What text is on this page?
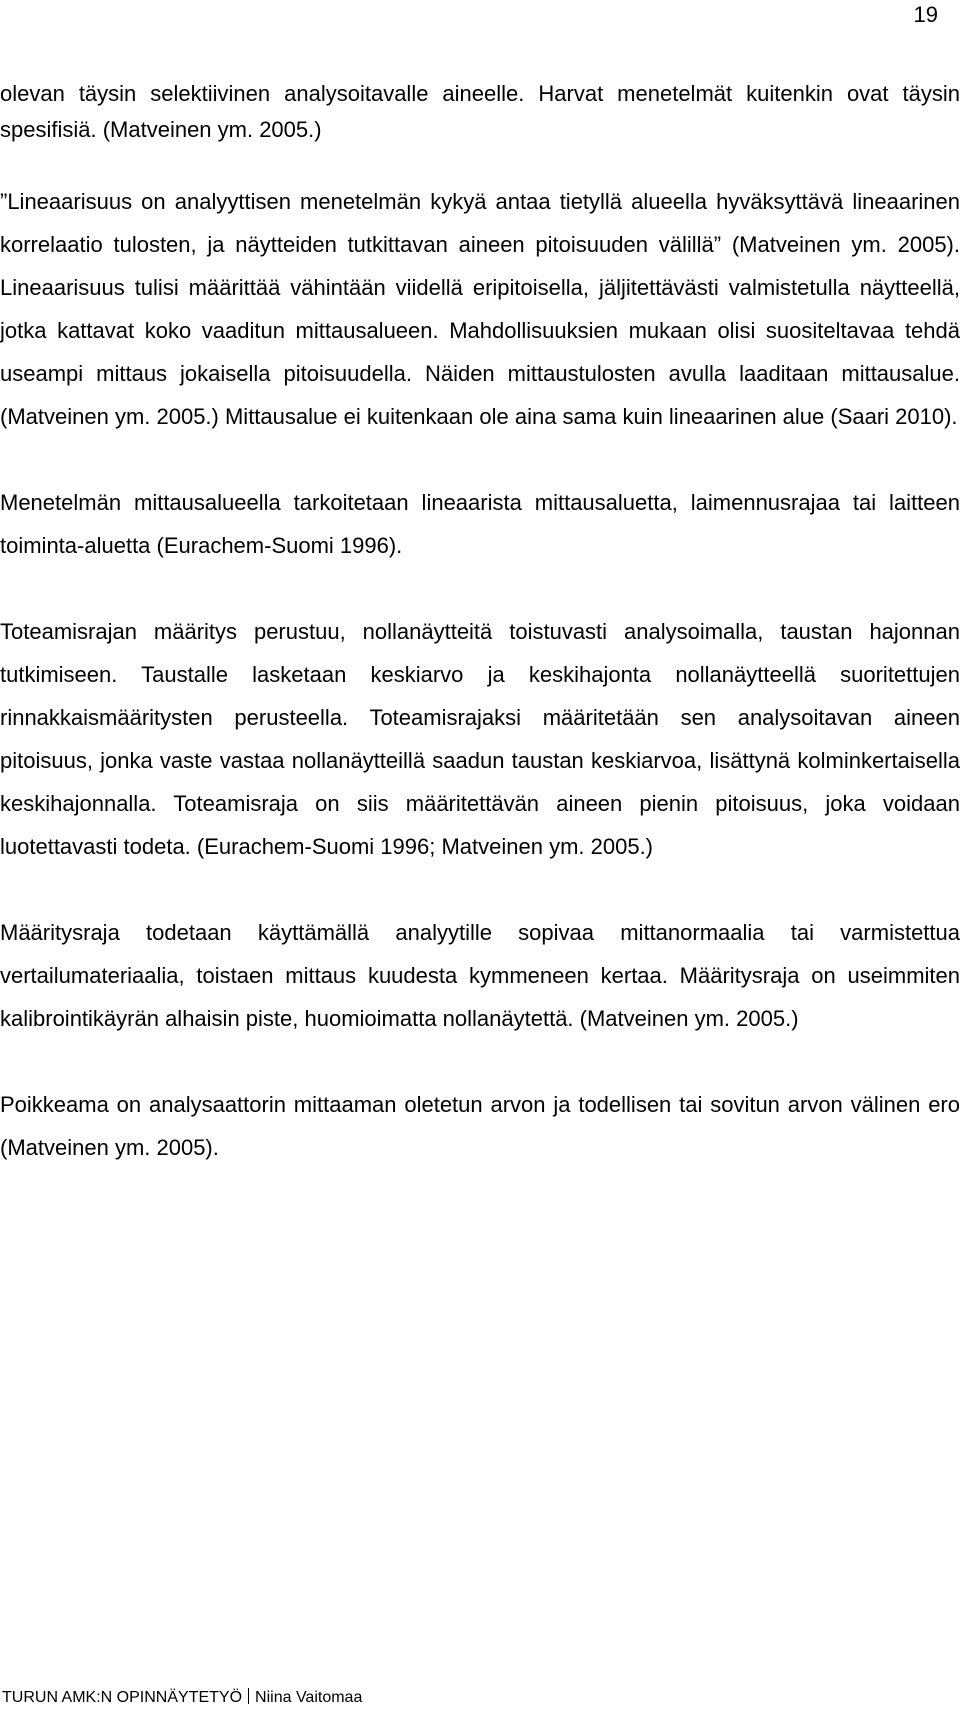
19

olevan täysin selektiivinen analysoitavalle aineelle. Harvat menetelmät kuitenkin ovat täysin spesifisiä. (Matveinen ym. 2005.)

”Lineaarisuus on analyyttisen menetelmän kykyä antaa tietyllä alueella hyväksyttävä lineaarinen korrelaatio tulosten, ja näytteiden tutkittavan aineen pitoisuuden välillä” (Matveinen ym. 2005). Lineaarisuus tulisi määrittää vähintään viidellä eripitoisella, jäljitettävästi valmistetulla näytteellä, jotka kattavat koko vaaditun mittausalueen. Mahdollisuuksien mukaan olisi suositeltavaa tehdä useampi mittaus jokaisella pitoisuudella. Näiden mittaustulosten avulla laaditaan mittausalue. (Matveinen ym. 2005.) Mittausalue ei kuitenkaan ole aina sama kuin lineaarinen alue (Saari 2010).

Menetelmän mittausalueella tarkoitetaan lineaarista mittausaluetta, laimennusrajaa tai laitteen toiminta-aluetta (Eurachem-Suomi 1996).

Toteamisrajan määritys perustuu, nollanäytteitä toistuvasti analysoimalla, taustan hajonnan tutkimiseen. Taustalle lasketaan keskiarvo ja keskihajonta nollanäytteellä suoritettujen rinnakkaismääritysten perusteella. Toteamisrajaksi määritetään sen analysoitavan aineen pitoisuus, jonka vaste vastaa nollanäytteillä saadun taustan keskiarvoa, lisättynä kolminkertaisella keskihajonnalla. Toteamisraja on siis määritettävän aineen pienin pitoisuus, joka voidaan luotettavasti todeta. (Eurachem-Suomi 1996; Matveinen ym. 2005.)

Määritysraja todetaan käyttämällä analyytille sopivaa mittanormaalia tai varmistettua vertailumateriaalia, toistaen mittaus kuudesta kymmeneen kertaa. Määritysraja on useimmiten kalibrointikäyrän alhaisin piste, huomioimatta nollanäytettä. (Matveinen ym. 2005.)

Poikkeama on analysaattorin mittaaman oletetun arvon ja todellisen tai sovitun arvon välinen ero (Matveinen ym. 2005).

TURUN AMK:N OPINNÄYTETYÖ Niina Vaitomaa
